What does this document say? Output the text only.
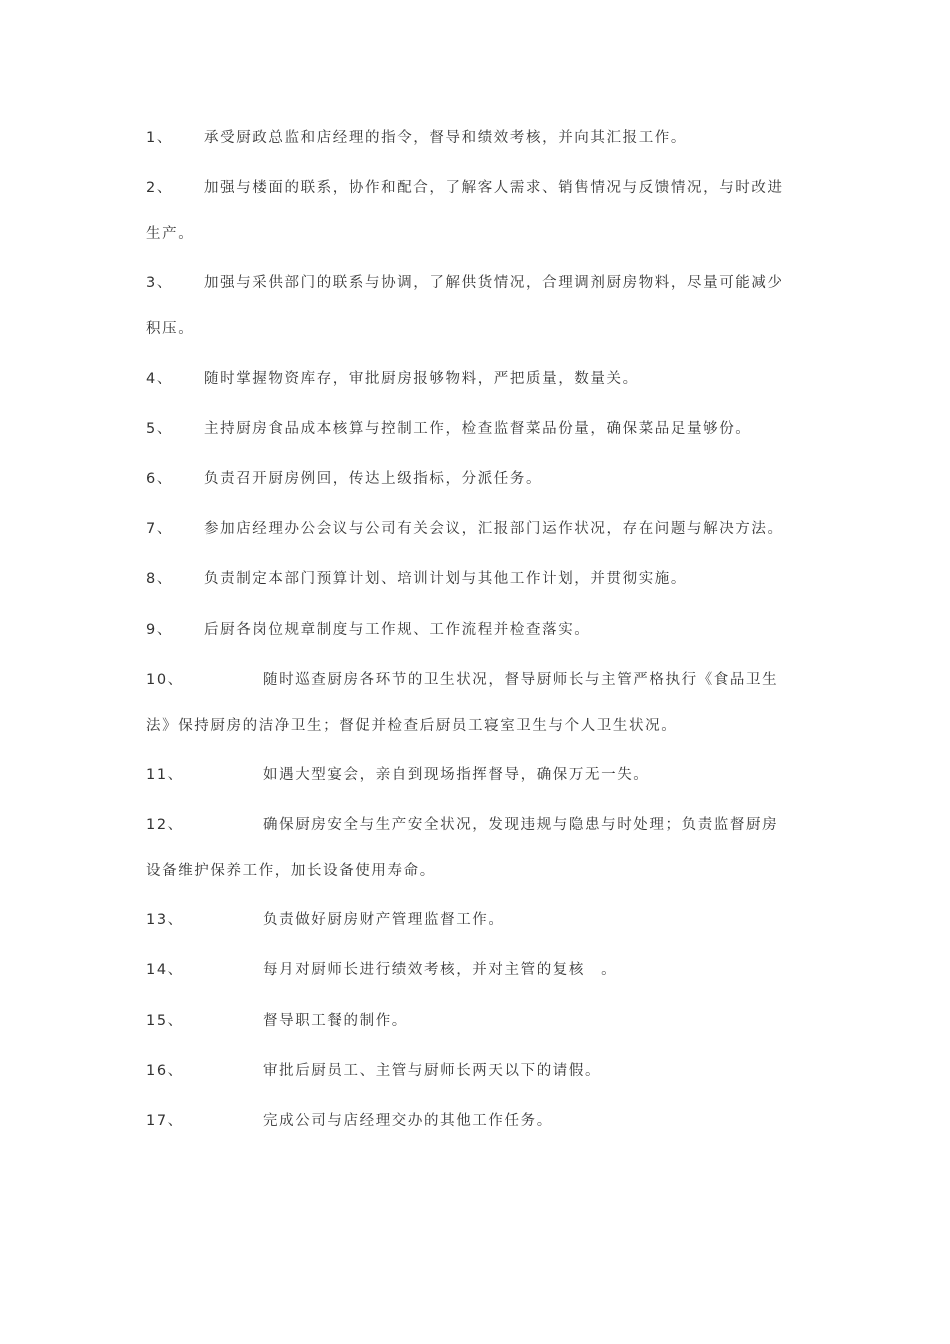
1、 承受厨政总监和店经理的指令，督导和绩效考核，并向其汇报工作。
2、 加强与楼面的联系，协作和配合，了解客人需求、销售情况与反馈情况，与时改进
生产。
3、 加强与采供部门的联系与协调，了解供货情况，合理调剂厨房物料，尽量可能减少
积压。
4、 随时掌握物资库存，审批厨房报够物料，严把质量，数量关。
5、 主持厨房食品成本核算与控制工作，检查监督菜品份量，确保菜品足量够份。
6、 负责召开厨房例回，传达上级指标，分派任务。
7、 参加店经理办公会议与公司有关会议，汇报部门运作状况，存在问题与解决方法。
8、 负责制定本部门预算计划、培训计划与其他工作计划，并贯彻实施。
9、 后厨各岗位规章制度与工作规、工作流程并检查落实。
10、	随时巡查厨房各环节的卫生状况，督导厨师长与主管严格执行《食品卫生
法》保持厨房的洁净卫生；督促并检查后厨员工寝室卫生与个人卫生状况。
11、	如遇大型宴会，亲自到现场指挥督导，确保万无一失。
12、	确保厨房安全与生产安全状况，发现违规与隐患与时处理；负责监督厨房
设备维护保养工作，加长设备使用寿命。
13、	负责做好厨房财产管理监督工作。
14、	每月对厨师长进行绩效考核，并对主管的复核　。
15、	督导职工餐的制作。
16、	审批后厨员工、主管与厨师长两天以下的请假。
17、	完成公司与店经理交办的其他工作任务。
